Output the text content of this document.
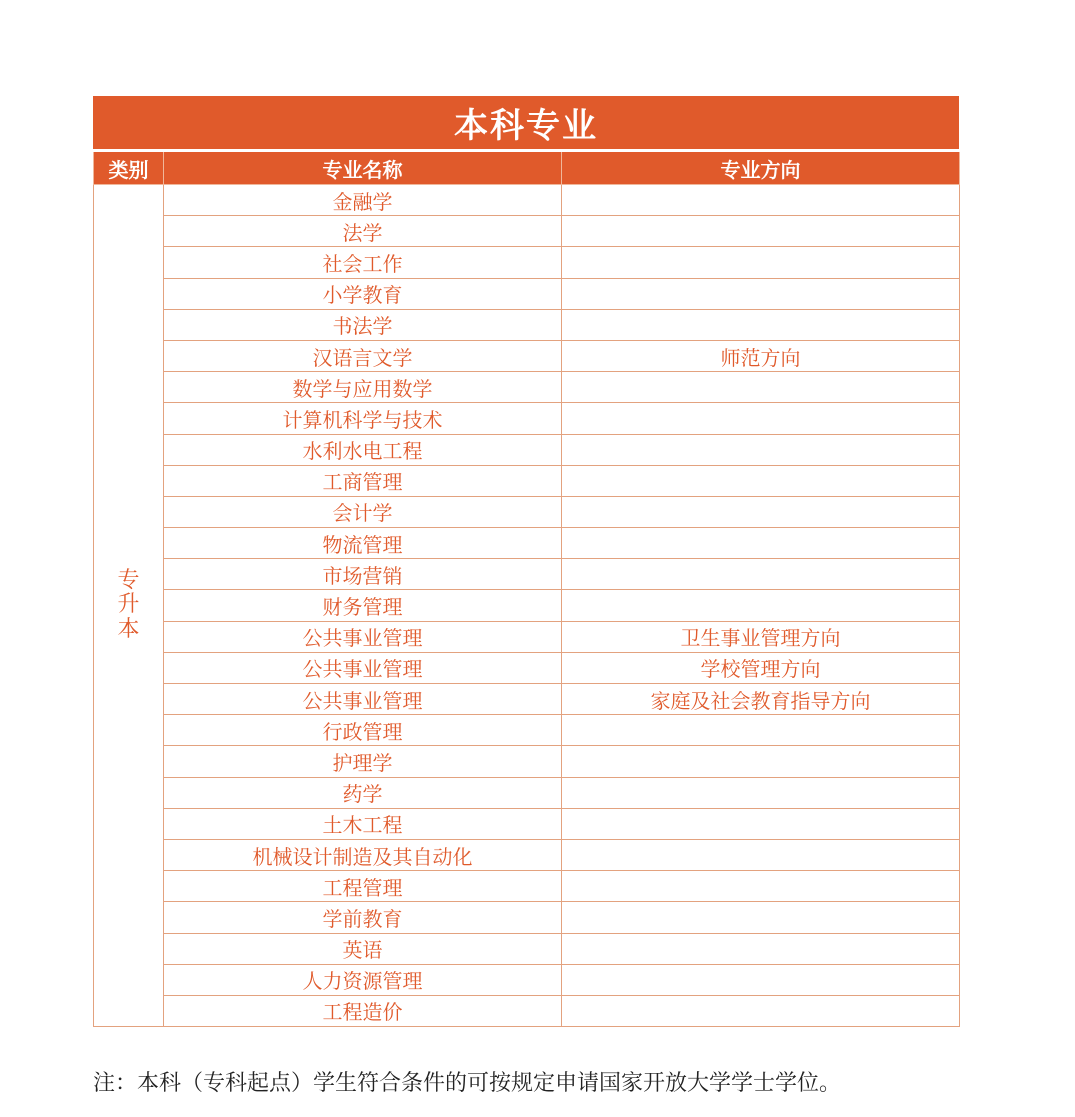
本科专业
类别	专业名称	专业方向
专升本	金融学	
	法学	
	社会工作	
	小学教育	
	书法学	
	汉语言文学	师范方向
	数学与应用数学	
	计算机科学与技术	
	水利水电工程	
	工商管理	
	会计学	
	物流管理	
	市场营销	
	财务管理	
	公共事业管理	卫生事业管理方向
	公共事业管理	学校管理方向
	公共事业管理	家庭及社会教育指导方向
	行政管理	
	护理学	
	药学	
	土木工程	
	机械设计制造及其自动化	
	工程管理	
	学前教育	
	英语	
	人力资源管理	
	工程造价	
注：本科（专科起点）学生符合条件的可按规定申请国家开放大学学士学位。
